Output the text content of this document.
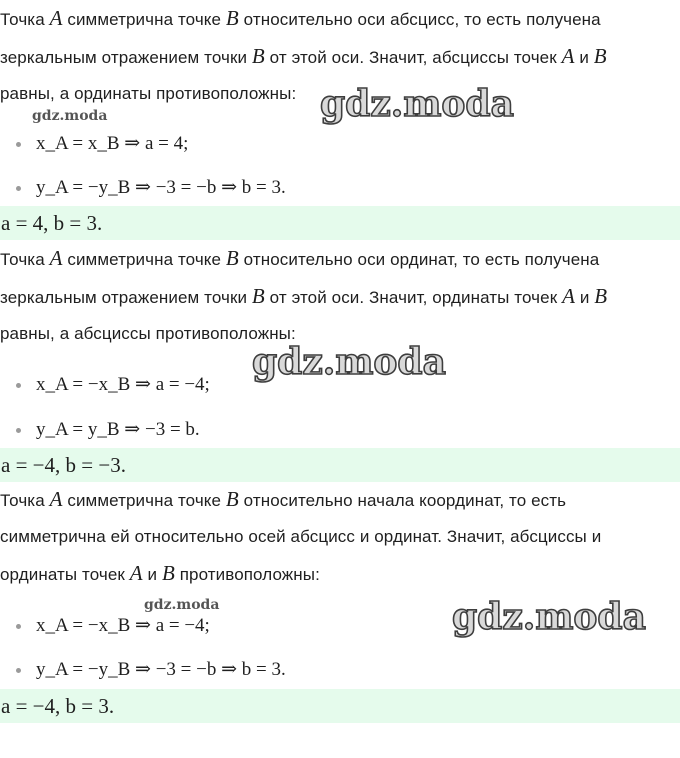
Точка A симметрична точке B относительно оси абсцисс, то есть получена
зеркальным отражением точки B от этой оси. Значит, абсциссы точек A и B
равны, а ординаты противоположны:
x_A = x_B ⇒ a = 4;
y_A = −y_B ⇒ −3 = −b ⇒ b = 3.
a = 4, b = 3.
Точка A симметрична точке B относительно оси ординат, то есть получена
зеркальным отражением точки B от этой оси. Значит, ординаты точек A и B
равны, а абсциссы противоположны:
x_A = −x_B ⇒ a = −4;
y_A = y_B ⇒ −3 = b.
a = −4, b = −3.
Точка A симметрична точке B относительно начала координат, то есть
симметрична ей относительно осей абсцисс и ординат. Значит, абсциссы и
ординаты точек A и B противоположны:
x_A = −x_B ⇒ a = −4;
y_A = −y_B ⇒ −3 = −b ⇒ b = 3.
a = −4, b = 3.
gdz.moda
gdz.moda
gdz.moda
gdz.moda	gdz.moda
